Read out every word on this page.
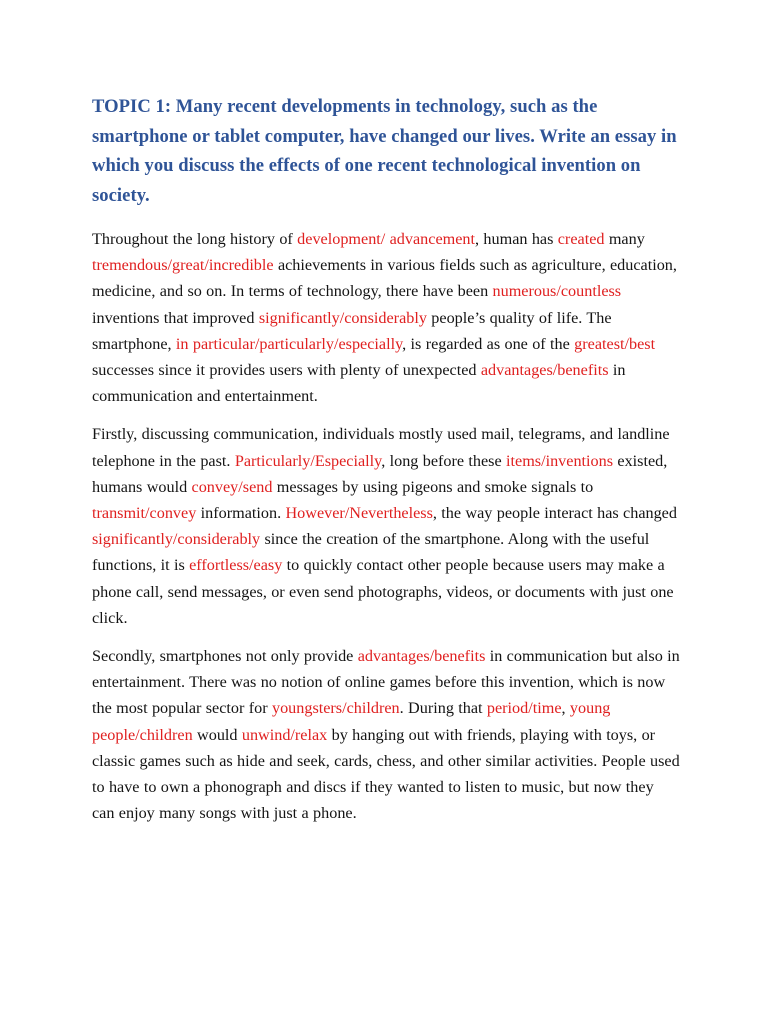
TOPIC 1: Many recent developments in technology, such as the smartphone or tablet computer, have changed our lives. Write an essay in which you discuss the effects of one recent technological invention on society.

Throughout the long history of development/ advancement, human has created many tremendous/great/incredible achievements in various fields such as agriculture, education, medicine, and so on. In terms of technology, there have been numerous/countless inventions that improved significantly/considerably people’s quality of life. The smartphone, in particular/particularly/especially, is regarded as one of the greatest/best successes since it provides users with plenty of unexpected advantages/benefits in communication and entertainment.

Firstly, discussing communication, individuals mostly used mail, telegrams, and landline telephone in the past. Particularly/Especially, long before these items/inventions existed, humans would convey/send messages by using pigeons and smoke signals to transmit/convey information. However/Nevertheless, the way people interact has changed significantly/considerably since the creation of the smartphone. Along with the useful functions, it is effortless/easy to quickly contact other people because users may make a phone call, send messages, or even send photographs, videos, or documents with just one click.

Secondly, smartphones not only provide advantages/benefits in communication but also in entertainment. There was no notion of online games before this invention, which is now the most popular sector for youngsters/children. During that period/time, young people/children would unwind/relax by hanging out with friends, playing with toys, or classic games such as hide and seek, cards, chess, and other similar activities. People used to have to own a phonograph and discs if they wanted to listen to music, but now they can enjoy many songs with just a phone.
